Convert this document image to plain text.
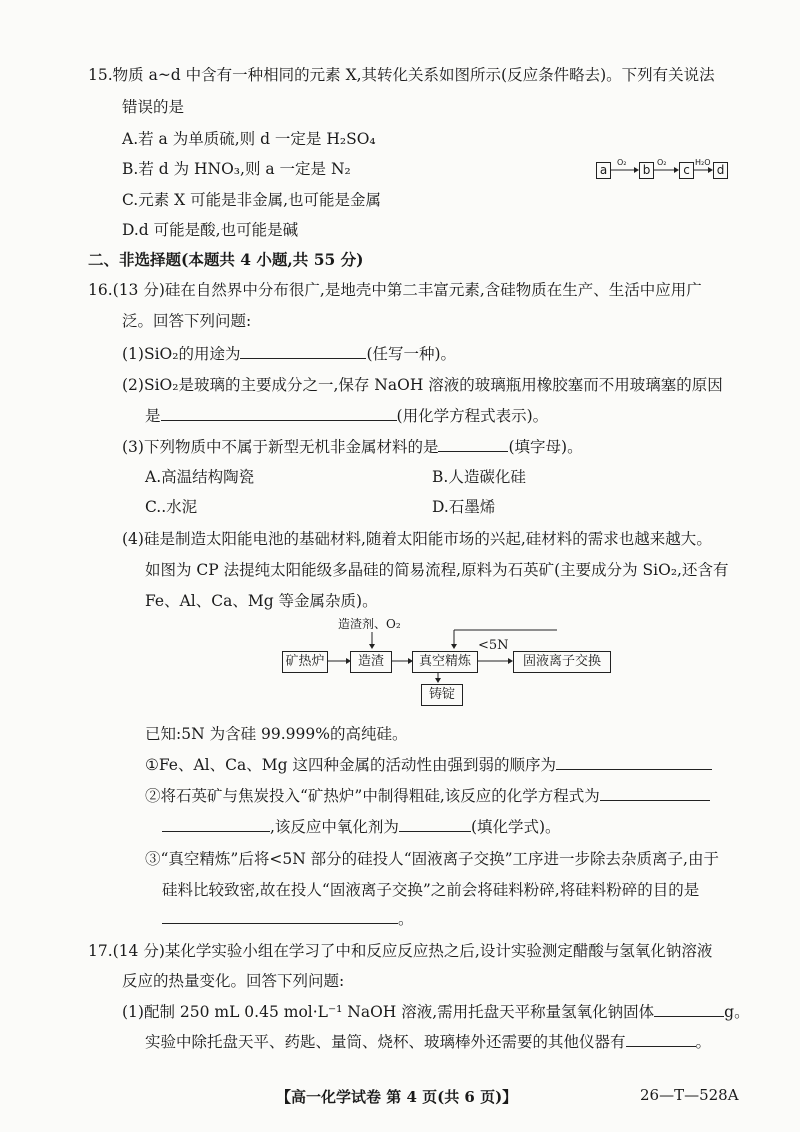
15.物质 a~d 中含有一种相同的元素 X,其转化关系如图所示(反应条件略去)。下列有关说法
错误的是
A.若 a 为单质硫,则 d 一定是 H₂SO₄
B.若 d 为 HNO₃,则 a 一定是 N₂
C.元素 X 可能是非金属,也可能是金属
D.d 可能是酸,也可能是碱
a	b	c	d
O₂	O₂	H₂O
二、非选择题(本题共 4 小题,共 55 分)
16.(13 分)硅在自然界中分布很广,是地壳中第二丰富元素,含硅物质在生产、生活中应用广
泛。回答下列问题:
(1)SiO₂的用途为	(任写一种)。
(2)SiO₂是玻璃的主要成分之一,保存 NaOH 溶液的玻璃瓶用橡胶塞而不用玻璃塞的原因
是	(用化学方程式表示)。
(3)下列物质中不属于新型无机非金属材料的是	(填字母)。
A.高温结构陶瓷	B.人造碳化硅
C..水泥	D.石墨烯
(4)硅是制造太阳能电池的基础材料,随着太阳能市场的兴起,硅材料的需求也越来越大。
如图为 CP 法提纯太阳能级多晶硅的简易流程,原料为石英矿(主要成分为 SiO₂,还含有
Fe、Al、Ca、Mg 等金属杂质)。
造渣剂、O₂
矿热炉	造渣	真空精炼	固液离子交换
铸锭
<5N
已知:5N 为含硅 99.999%的高纯硅。
①Fe、Al、Ca、Mg 这四种金属的活动性由强到弱的顺序为
②将石英矿与焦炭投入“矿热炉”中制得粗硅,该反应的化学方程式为
,该反应中氧化剂为	(填化学式)。
③“真空精炼”后将<5N 部分的硅投人“固液离子交换”工序进一步除去杂质离子,由于
硅料比较致密,故在投人“固液离子交换”之前会将硅料粉碎,将硅料粉碎的目的是
。
17.(14 分)某化学实验小组在学习了中和反应反应热之后,设计实验测定醋酸与氢氧化钠溶液
反应的热量变化。回答下列问题:
(1)配制 250 mL 0.45 mol·L⁻¹ NaOH 溶液,需用托盘天平称量氢氧化钠固体	g。
实验中除托盘天平、药匙、量筒、烧杯、玻璃棒外还需要的其他仪器有	。
【高一化学试卷 第 4 页(共 6 页)】	26—T—528A
